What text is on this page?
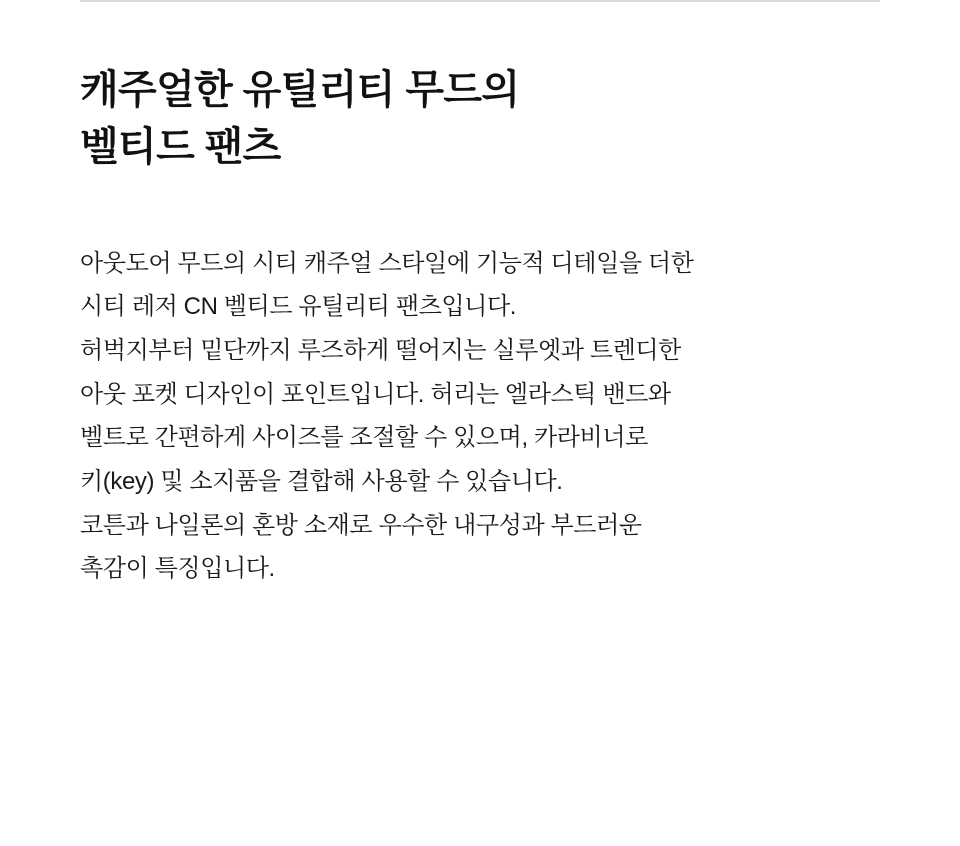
캐주얼한 유틸리티 무드의
벨티드 팬츠

아웃도어 무드의 시티 캐주얼 스타일에 기능적 디테일을 더한
시티 레저 CN 벨티드 유틸리티 팬츠입니다.
허벅지부터 밑단까지 루즈하게 떨어지는 실루엣과 트렌디한
아웃 포켓 디자인이 포인트입니다. 허리는 엘라스틱 밴드와
벨트로 간편하게 사이즈를 조절할 수 있으며, 카라비너로
키(key) 및 소지품을 결합해 사용할 수 있습니다.
코튼과 나일론의 혼방 소재로 우수한 내구성과 부드러운
촉감이 특징입니다.
